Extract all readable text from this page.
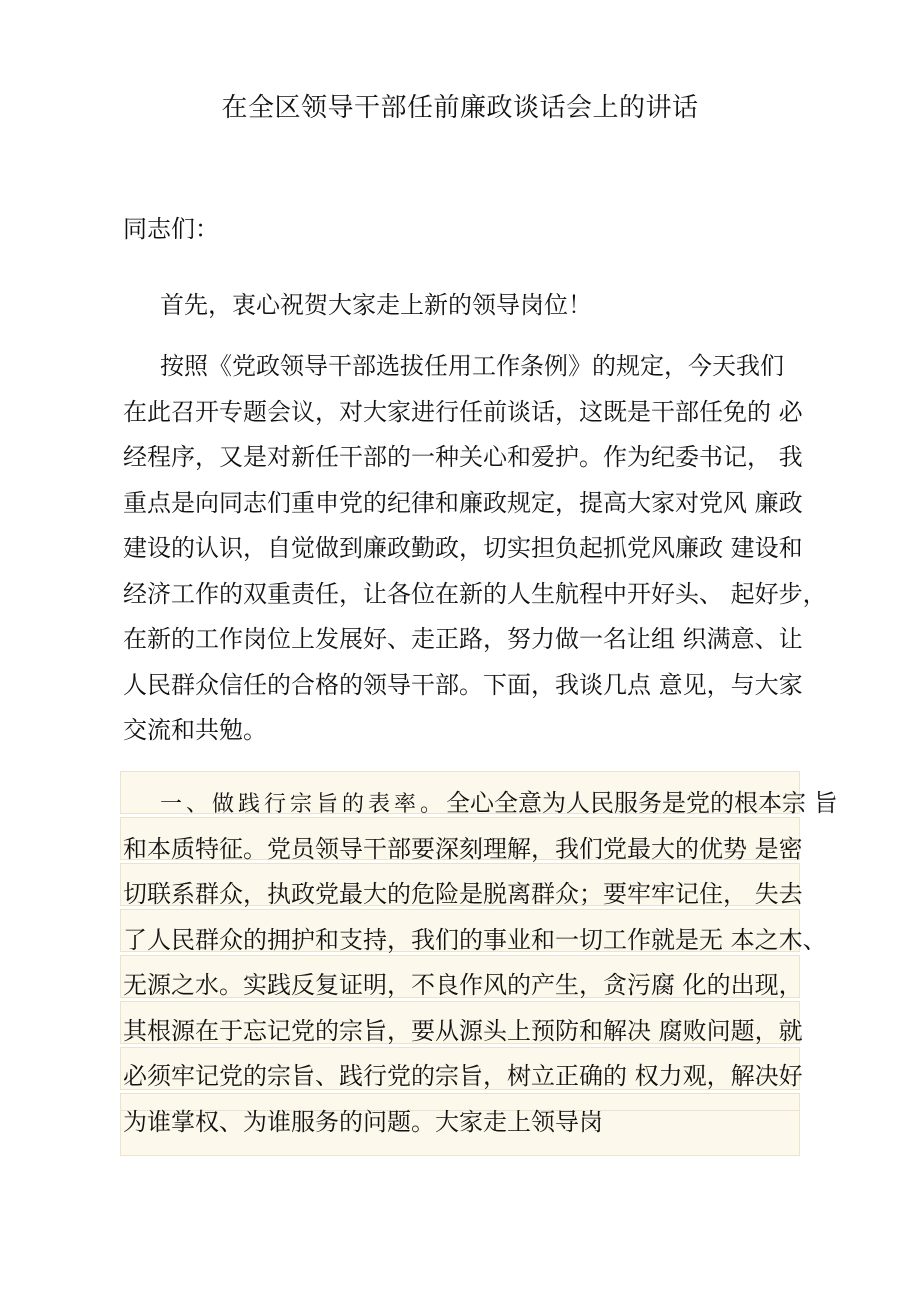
在全区领导干部任前廉政谈话会上的讲话
同志们：
首先，衷心祝贺大家走上新的领导岗位！
按照《党政领导干部选拔任用工作条例》的规定，今天我们
在此召开专题会议，对大家进行任前谈话，这既是干部任免的 必
经程序，又是对新任干部的一种关心和爱护。作为纪委书记， 我
重点是向同志们重申党的纪律和廉政规定，提高大家对党风 廉政
建设的认识，自觉做到廉政勤政，切实担负起抓党风廉政 建设和
经济工作的双重责任，让各位在新的人生航程中开好头、 起好步，
在新的工作岗位上发展好、走正路，努力做一名让组 织满意、让
人民群众信任的合格的领导干部。下面，我谈几点 意见，与大家
交流和共勉。
一、做践行宗旨的表率。全心全意为人民服务是党的根本宗 旨
和本质特征。党员领导干部要深刻理解，我们党最大的优势 是密
切联系群众，执政党最大的危险是脱离群众；要牢牢记住， 失去
了人民群众的拥护和支持，我们的事业和一切工作就是无 本之木、
无源之水。实践反复证明，不良作风的产生，贪污腐 化的出现，
其根源在于忘记党的宗旨，要从源头上预防和解决 腐败问题，就
必须牢记党的宗旨、践行党的宗旨，树立正确的 权力观，解决好
为谁掌权、为谁服务的问题。大家走上领导岗
